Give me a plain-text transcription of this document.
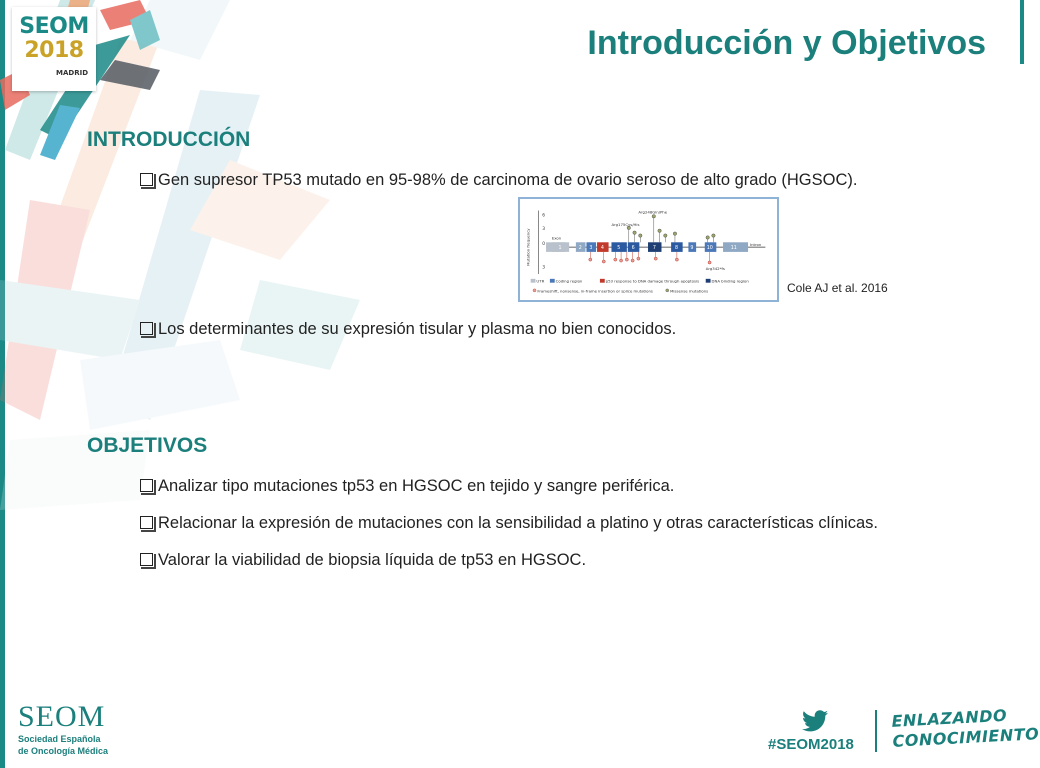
SEOM
2018
MADRID
Introducción y Objetivos
INTRODUCCIÓN
Gen supresor TP53 mutado en 95-98% de carcinoma de ovario seroso de alto grado (HGSOC).
Mutation frequency
6
3
0
3
Exon
1	2 3 4	5 6	7	8 9	10	11
Intron
Arg248Gln/Phe
Arg175Cys/His
Arg342*fs
UTR	Coding region	p53 response to DNA damage through apoptosis	DNA binding region
Frameshift, nonsense, in-frame insertion or splice mutations	Missense mutations	Cole AJ et al. 2016
Los determinantes de su expresión tisular y plasma no bien conocidos.
OBJETIVOS
Analizar tipo mutaciones tp53 en HGSOC en tejido y sangre periférica.
Relacionar la expresión de mutaciones con la sensibilidad a platino y otras características clínicas.
Valorar la viabilidad de biopsia líquida de tp53 en HGSOC.
SEOM
Sociedad Española
de Oncología Médica	#SEOM2018
ENLAZANDO
CONOCIMIENTO
